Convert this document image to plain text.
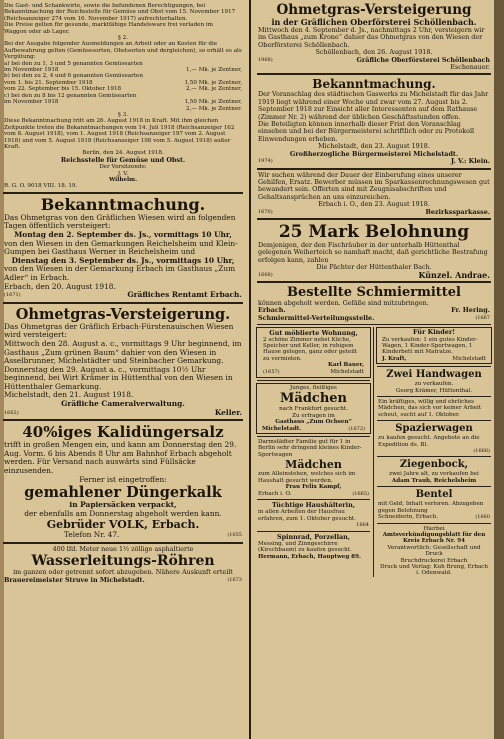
Die Gast- und Schankwirte, sowie die befundenen Berechtigungen, bei

Bekanntmachung der Reichsstelle für Gemüse und Obst vom 15. November 1917

(Reichsanzeiger 274 vom 16. November 1917) aufrechterhalten.

Die Preise gelten für gesunde, marktfähige Handelsware frei verladen im

Waggon oder ab Lager.

§ 2.

Bei der Ausgabe folgender Ausmeldungen an Arbeit oder an Kosten für die Aufbewahrung gelten (Gemüsesorten, Obstsorten und dergleichen), so erhält es als Vergütung:

a) bei den zu 1, 3 und 5 genannten Gemüsearten
im November 1918	1,— Mk. je Zentner,
b) bei den zu 2, 4 und 6 genannten Gemüsearten
vom 1. bis 21. September 1918	1,50 Mk. je Zentner,
vom 22. September bis 15. Oktober 1918	2,— Mk. je Zentner,
c) bei den zu 8 bis 12 genannten Gemüsearten
im November 1918	1,50 Mk. je Zentner,
2,— Mk. je Zentner.

§ 3.

Diese Bekanntmachung tritt am 26. August 1918 in Kraft. Mit ihm gleichen Zeitpunkte treten die Bekanntmachungen vom 14. Juli 1918 (Reichsanzeiger 162 vom 8. August 1918), vom 1. August 1918 (Reichsanzeiger 197 vom 2. August 1918) und vom 5. August 1918 (Reichsanzeiger 198 vom 5. August 1918) außer Kraft.

Berlin, den 24. August 1918.

Reichsstelle für Gemüse und Obst.

Der Vorsitzende:

J. V.

Wilhelm.

R. G. O. 9018 VIII. 18. 19.

Bekanntmachung.

Das Ohmetgras von den Gräflichen Wiesen wird an folgenden Tagen öffentlich versteigert:

Montag den 2. September ds. Js., vormittags 10 Uhr,

von den Wiesen in den Gemarkungen Reichelsheim und Klein-Gumpen bei Gasthaus Werner in Reichelsheim und

Dienstag den 3. September ds. Js., vormittags 10 Uhr,

von den Wiesen in der Gemarkung Erbach im Gasthaus „Zum Adler“ in Erbach.

Erbach, den 20. August 1918.

(1671)	Gräfliches Rentamt Erbach.
Ohmetgras-Versteigerung.

Das Ohmetgras der Gräflich Erbach-Fürstenauischen Wiesen wird versteigert:

Mittwoch den 28. August a. c., vormittags 9 Uhr beginnend, im Gasthaus „Zum grünen Baum“ dahier von den Wiesen in Asselbrunner, Michelstädter und Steinbacher Gemarkung.

Donnerstag den 29. August a. c., vormittags 10½ Uhr beginnend, bei Wirt Krämer in Hüttenthal von den Wiesen in Hüttenthaler Gemarkung.

Michelstadt, den 21. August 1918.

Gräfliche Cameralverwaltung.

1662)	Keller.
40%iges Kalidüngersalz

trifft in großen Mengen ein, und kann am Donnerstag den 29. Aug. Vorm. 6 bis Abends 8 Uhr am Bahnhof Erbach abgeholt werden. Für Versand nach auswärts sind Füllsäcke einzusenden.

Ferner ist eingetroffen:

gemahlener Düngerkalk

in Papiersäcken verpackt,

der ebenfalls am Donnerstag abgeholt werden kann.

Gebrüder VOLK, Erbach.
Telefon Nr. 47.	(1655

400 lfd. Meter neue 1½ zöllige asphaltierte

Wasserleitungs-Röhren

im ganzen oder getrennt sofort abzugeben. Nähere Auskunft erteilt

Brauereimeister Struve in Michelstadt.	(1673
Ohmetgras-Versteigerung
in der Gräflichen Oberförsterei Schöllenbach.

Mittwoch den 4. September d. Js., nachmittags 2 Uhr, versteigern wir im Gasthaus „zum Krone“ dahier das Ohmetgras von den Wiesen der Oberförsterei Schöllenbach.

Schöllenbach, den 26. August 1918.

1968)	Gräfliche Oberförsterei Schöllenbach

Eschenauer.

Bekanntmachung.

Der Voranschlag des städtischen Gaswerks zu Michelstadt für das Jahr 1919 liegt während einer Woche und zwar vom 27. August bis 2. September 1918 zur Einsicht aller Interessenten auf dem Rathause (Zimmer Nr. 2) während der üblichen Geschäftsstunden offen.

Die Beteiligten können innerhalb dieser Frist den Voranschlag einsehen und bei der Bürgermeisterei schriftlich oder zu Protokoll Einwendungen erheben.

Michelstadt, den 23. August 1918.

Großherzogliche Bürgermeisterei Michelstadt.

1974)	J. V.: Klein.

Wir suchen während der Dauer der Einberufung eines unserer Gehilfen, Ersatz. Bewerber müssen im Sparkassenrechnungswesen gut bewandert sein. Offerten sind mit Zeugnisabschriften und Gehaltsansprüchen an uns einzureichen.

Erbach i. O., den 23. August 1918.

1670)	Bezirkssparkasse.
25 Mark Belohnung

Demjenigen, der den Fischräuber in der unterhalb Hüttenthal gelegenen Weiherteich so namhaft macht, daß gerichtliche Bestrafung erfolgen kann, zahlen

Die Pächter der Hüttenthaler Bach.

1668)	Künzel. Andrae.
Bestellte Schmiermittel

können abgeholt werden. Gefäße sind mitzubringen.

Erbach.	Fr. Hering.
Schmiermittel-Verteilungsstelle.	(1667

Gut möblierte Wohnung,

2 schöne Zimmer nebst Küche, Speicher und Keller, in ruhigem Hause gelegen, ganz oder geteilt zu vermieten.

Karl Bauer,

(1657)	Michelstadt

Junges, fleißiges

Mädchen

nach Frankfurt gesucht.

Zu erfragen im

Gasthaus „Zum Ochsen“

Michelstadt.	(1672)

Darmstädter Familie gut für 1 in Berlin sehr dringend kleines Kinder-Sportwagen

Mädchen

zum Alleinstehen, welches sich im Haushalt gesucht werden.

Frau Felix Kampf,

Erbach i. O.	(1665)

Tüchtige Haushälterin,

in allen Arbeiten der Hausfrau erfahren, zum 1. Oktober gesucht.

1664

Spinnrad, Porzellan,

Messing, und Zinngeschirre (Kirschbaum) zu kaufen gesucht.

Hermann, Erbach, Hauptweg 89.

Für Kinder!

Zu verkaufen: 1 ein gutes Kinder-Wagen, 1 Kinder-Sportwagen, 1 Kinderbett mit Matratze.

J. Kraft,	Michelstadt
Zwei Handwagen

zu verkaufen.

Georg Krämer, Hüttenthal.

Ein kräftiges, willig und ehrliches Mädchen, das sich vor keiner Arbeit scheut, sucht auf 1. Oktober.

Spazierwagen

zu kaufen gesucht. Angebote an die Expedition ds. Bl.

(1666)

Ziegenbock,

zwei Jahre alt, zu verkaufen bei

Adam Traub, Reichelsheim

Bentel

mit Geld, Inhalt verloren. Abzugeben gegen Belohnung

Schneiderin, Erbach.	(1660

Hierbei

Amtsverkündigungsblatt für den

Kreis Erbach Nr. 94

Verantwortlich: Gesellschaft und Druck

Bruchdruckerei Erbach

Druck und Verlag: Kuh Brung, Erbach i. Odenwald.
